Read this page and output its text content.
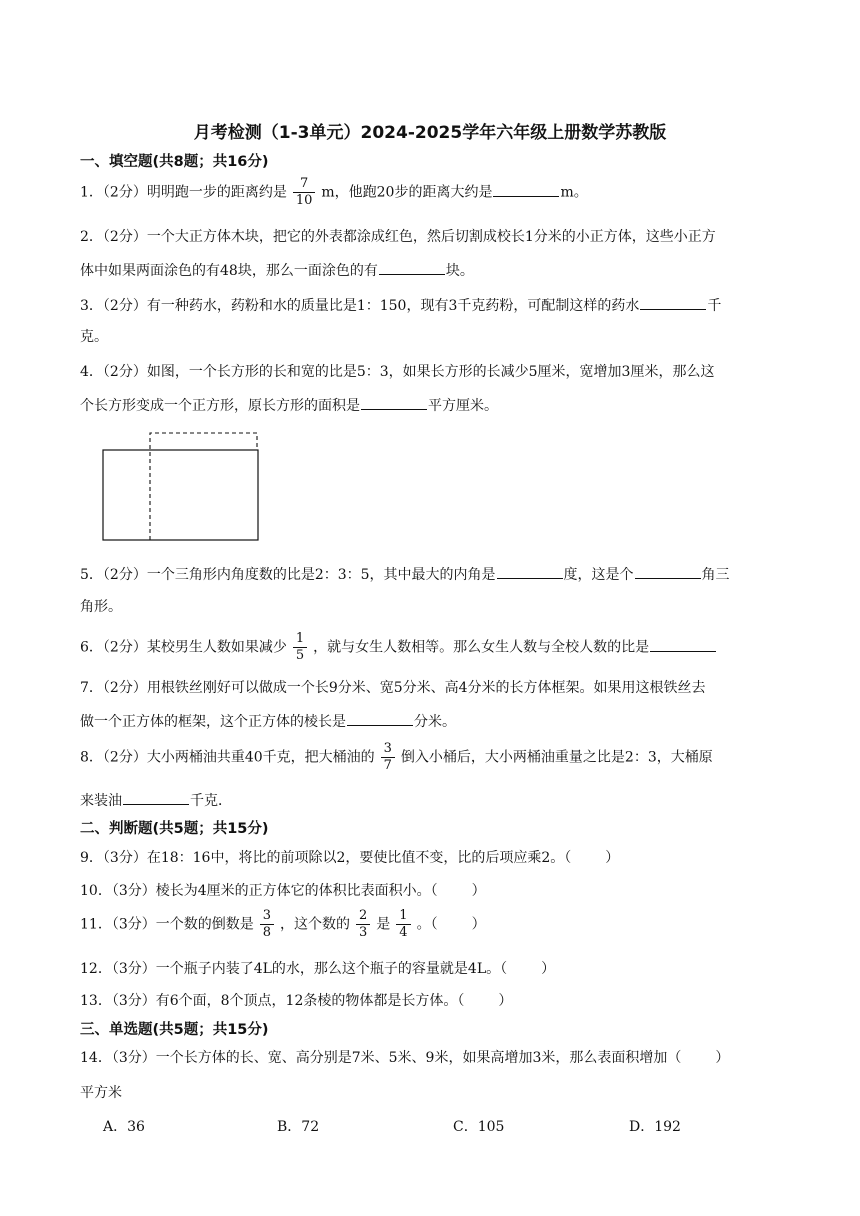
月考检测（1-3单元）2024-2025学年六年级上册数学苏教版
一、填空题(共8题；共16分)
1．（2分）明明跑一步的距离约是 $\frac{7}{10}$ m，他跑20步的距离大约是	m。
2．（2分）一个大正方体木块，把它的外表都涂成红色，然后切割成校长1分米的小正方体，这些小正方
体中如果两面涂色的有48块，那么一面涂色的有	块。
3．（2分）有一种药水，药粉和水的质量比是1：150，现有3千克药粉，可配制这样的药水	千
克。
4．（2分）如图，一个长方形的长和宽的比是5：3，如果长方形的长减少5厘米，宽增加3厘米，那么这
个长方形变成一个正方形，原长方形的面积是	平方厘米。
5．（2分）一个三角形内角度数的比是2：3：5，其中最大的内角是	度，这是个	角三
角形。
6．（2分）某校男生人数如果减少 $\frac{1}{5}$ ，就与女生人数相等。那么女生人数与全校人数的比是
7．（2分）用根铁丝刚好可以做成一个长9分米、宽5分米、高4分米的长方体框架。如果用这根铁丝去
做一个正方体的框架，这个正方体的棱长是	分米。
8．（2分）大小两桶油共重40千克，把大桶油的 $\frac{3}{7}$ 倒入小桶后，大小两桶油重量之比是2：3，大桶原
来装油	千克．
二、判断题(共5题；共15分)
9．（3分）在18：16中，将比的前项除以2，要使比值不变，比的后项应乘2。（ ）
10．（3分）棱长为4厘米的正方体它的体积比表面积小。（ ）
11．（3分）一个数的倒数是 $\frac{3}{8}$ ，这个数的 $\frac{2}{3}$ 是 $\frac{1}{4}$ 。（ ）
12．（3分）一个瓶子内装了4L的水，那么这个瓶子的容量就是4L。（ ）
13．（3分）有6个面，8个顶点，12条棱的物体都是长方体。（ ）
三、单选题(共5题；共15分)
14．（3分）一个长方体的长、宽、高分别是7米、5米、9米，如果高增加3米，那么表面积增加（ ）
平方米
A．36	B．72	C．105	D．192
